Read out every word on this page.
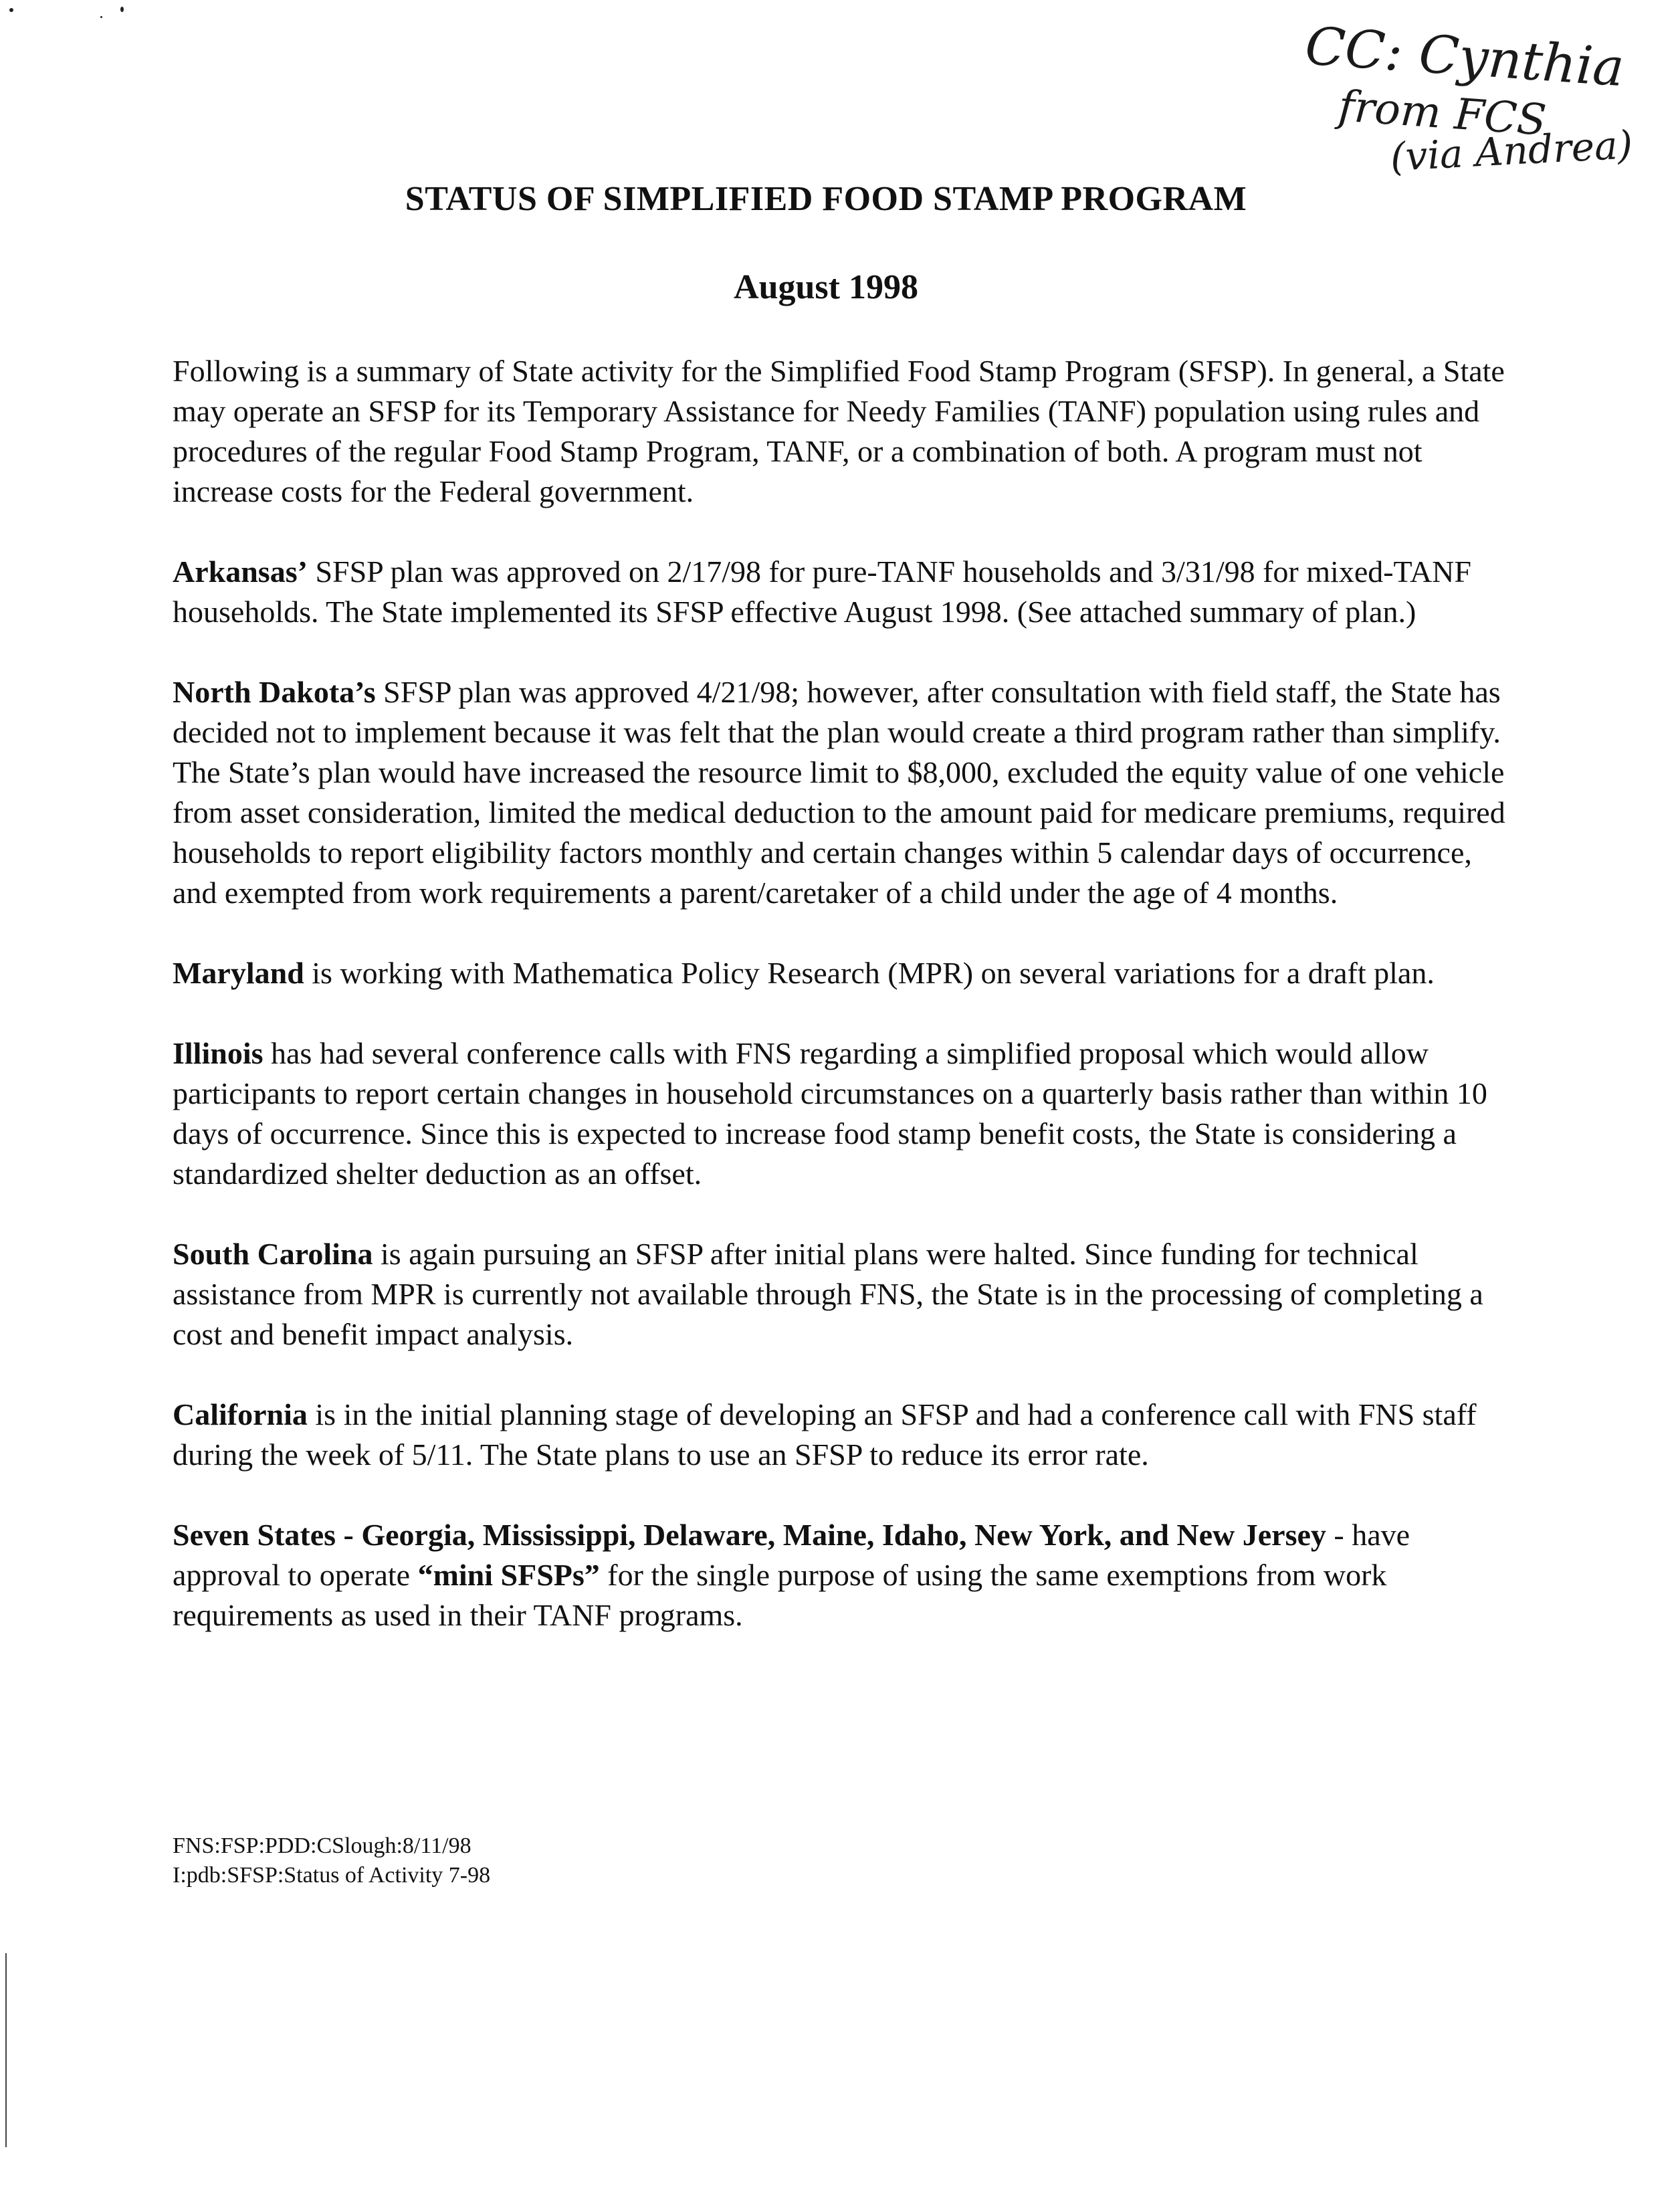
CC: Cynthia
from FCS
(via Andrea)
STATUS OF SIMPLIFIED FOOD STAMP PROGRAM
August 1998

Following is a summary of State activity for the Simplified Food Stamp Program (SFSP). In general, a State may operate an SFSP for its Temporary Assistance for Needy Families (TANF) population using rules and procedures of the regular Food Stamp Program, TANF, or a combination of both. A program must not increase costs for the Federal government.

Arkansas’ SFSP plan was approved on 2/17/98 for pure-TANF households and 3/31/98 for mixed-TANF households. The State implemented its SFSP effective August 1998. (See attached summary of plan.)

North Dakota’s SFSP plan was approved 4/21/98; however, after consultation with field staff, the State has decided not to implement because it was felt that the plan would create a third program rather than simplify. The State’s plan would have increased the resource limit to $8,000, excluded the equity value of one vehicle from asset consideration, limited the medical deduction to the amount paid for medicare premiums, required households to report eligibility factors monthly and certain changes within 5 calendar days of occurrence, and exempted from work requirements a parent/caretaker of a child under the age of 4 months.

Maryland is working with Mathematica Policy Research (MPR) on several variations for a draft plan.

Illinois has had several conference calls with FNS regarding a simplified proposal which would allow participants to report certain changes in household circumstances on a quarterly basis rather than within 10 days of occurrence. Since this is expected to increase food stamp benefit costs, the State is considering a standardized shelter deduction as an offset.

South Carolina is again pursuing an SFSP after initial plans were halted. Since funding for technical assistance from MPR is currently not available through FNS, the State is in the processing of completing a cost and benefit impact analysis.

California is in the initial planning stage of developing an SFSP and had a conference call with FNS staff during the week of 5/11. The State plans to use an SFSP to reduce its error rate.

Seven States - Georgia, Mississippi, Delaware, Maine, Idaho, New York, and New Jersey - have approval to operate “mini SFSPs” for the single purpose of using the same exemptions from work requirements as used in their TANF programs.

FNS:FSP:PDD:CSlough:8/11/98
I:pdb:SFSP:Status of Activity 7-98
